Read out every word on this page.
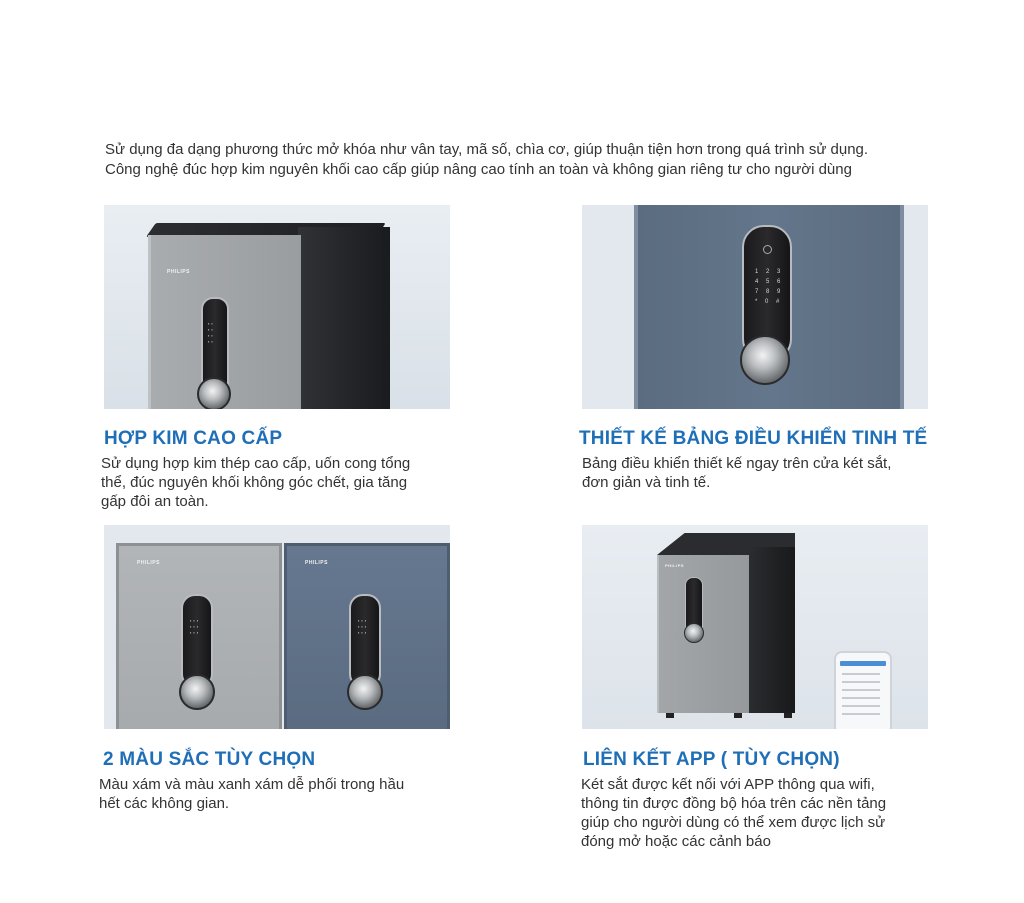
Sử dụng đa dạng phương thức mở khóa như vân tay, mã số, chìa cơ, giúp thuận tiện hơn trong quá trình sử dụng.
Công nghệ đúc hợp kim nguyên khối cao cấp giúp nâng cao tính an toàn và không gian riêng tư cho người dùng
PHILIPS
▪▪
▪▪
▪▪
▪▪
HỢP KIM CAO CẤP
Sử dụng hợp kim thép cao cấp, uốn cong tổng
thể, đúc nguyên khối không góc chết, gia tăng
gấp đôi an toàn.
1 2 3
4 5 6
7 8 9
* 0 #
THIẾT KẾ BẢNG ĐIỀU KHIỂN TINH TẾ
Bảng điều khiển thiết kế ngay trên cửa két sắt,
đơn giản và tinh tế.
PHILIPS
▪▪▪
▪▪▪
▪▪▪
PHILIPS
▪▪▪
▪▪▪
▪▪▪
2 MÀU SẮC TÙY CHỌN
Màu xám và màu xanh xám dễ phối trong hầu
hết các không gian.
PHILIPS
LIÊN KẾT APP ( TÙY CHỌN)
Két sắt được kết nối với APP thông qua wifi,
thông tin được đồng bộ hóa trên các nền tảng
giúp cho người dùng có thể xem được lịch sử
đóng mở hoặc các cảnh báo
